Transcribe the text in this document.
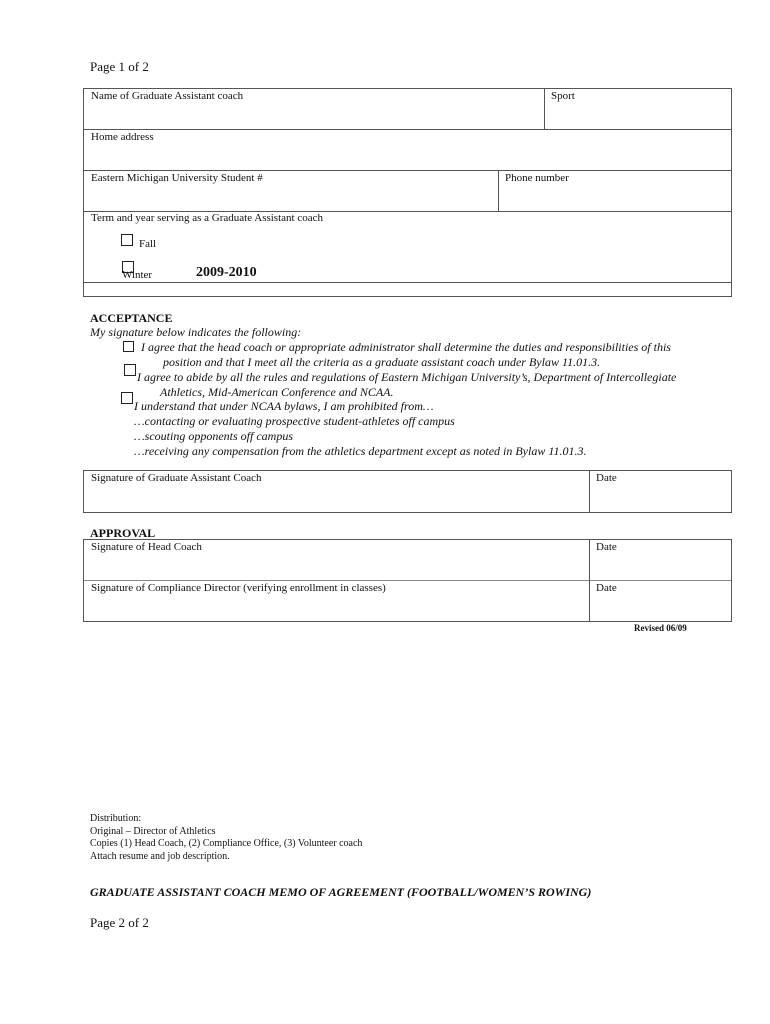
Page 1 of 2
Name of Graduate Assistant coach	Sport
Home address
Eastern Michigan University Student #	Phone number
Term and year serving as a Graduate Assistant coach
Fall
Winter	2009-2010
ACCEPTANCE
My signature below indicates the following:
I agree that the head coach or appropriate administrator shall determine the duties and responsibilities of this
position and that I meet all the criteria as a graduate assistant coach under Bylaw 11.01.3.
I agree to abide by all the rules and regulations of Eastern Michigan University’s, Department of Intercollegiate
Athletics, Mid-American Conference and NCAA.
I understand that under NCAA bylaws, I am prohibited from…
…contacting or evaluating prospective student-athletes off campus
…scouting opponents off campus
…receiving any compensation from the athletics department except as noted in Bylaw 11.01.3.
Signature of Graduate Assistant Coach	Date
APPROVAL
Signature of Head Coach	Date
Signature of Compliance Director (verifying enrollment in classes)	Date
Revised 06/09
Distribution:
Original – Director of Athletics
Copies (1) Head Coach, (2) Compliance Office, (3) Volunteer coach
Attach resume and job description.
GRADUATE ASSISTANT COACH MEMO OF AGREEMENT (FOOTBALL/WOMEN’S ROWING)
Page 2 of 2
